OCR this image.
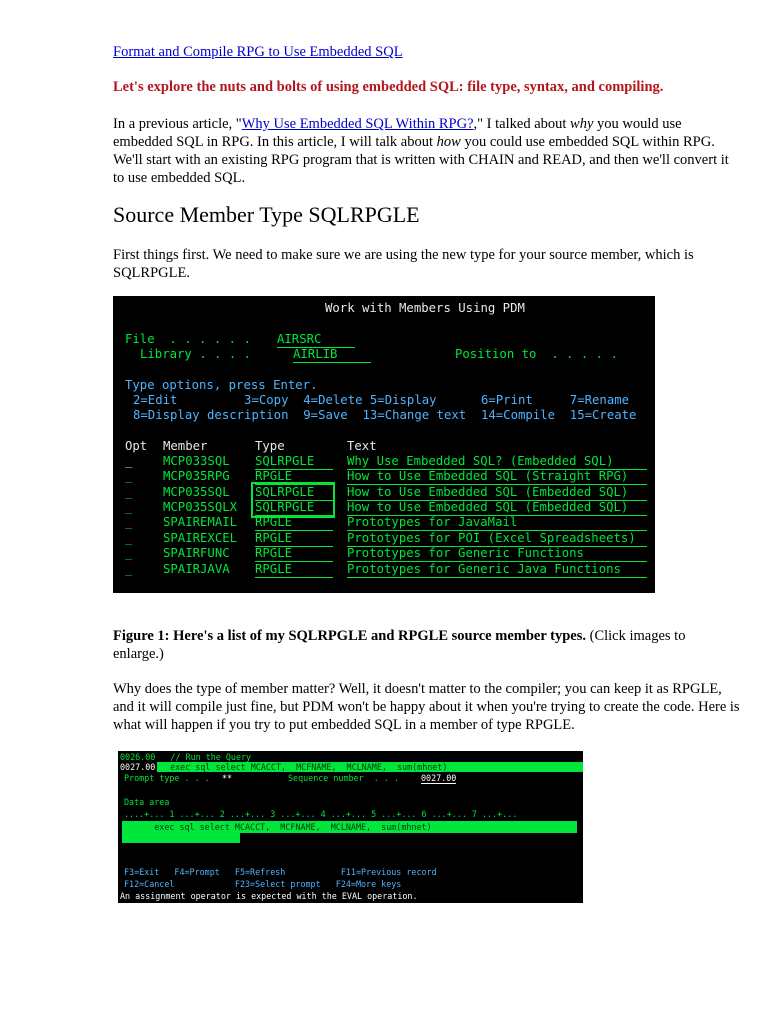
Format and Compile RPG to Use Embedded SQL
Let's explore the nuts and bolts of using embedded SQL: file type, syntax, and compiling.
In a previous article, "Why Use Embedded SQL Within RPG?," I talked about why you would use embedded SQL in RPG. In this article, I will talk about how you could use embedded SQL within RPG. We'll start with an existing RPG program that is written with CHAIN and READ, and then we'll convert it to use embedded SQL.
Source Member Type SQLRPGLE
First things first. We need to make sure we are using the new type for your source member, which is SQLRPGLE.
Work with Members Using PDM
File  . . . . . . AIRSRC
Library . . . .	AIRLIB	Position to  . . . . .
Type options, press Enter.
2=Edit         3=Copy  4=Delete 5=Display      6=Print     7=Rename
8=Display description  9=Save  13=Change text  14=Compile  15=Create
Opt Member	Type	Text
_ MCP033SQL SQLRPGLE	Why Use Embedded SQL? (Embedded SQL)
_ MCP035RPG RPGLE	How to Use Embedded SQL (Straight RPG)
_ MCP035SQL SQLRPGLE	How to Use Embedded SQL (Embedded SQL)
_ MCP035SQLX SQLRPGLE	How to Use Embedded SQL (Embedded SQL)
_ SPAIREMAIL RPGLE	Prototypes for JavaMail
_ SPAIREXCEL RPGLE	Prototypes for POI (Excel Spreadsheets)
_ SPAIRFUNC RPGLE	Prototypes for Generic Functions
_ SPAIRJAVA RPGLE	Prototypes for Generic Java Functions
Figure 1: Here's a list of my SQLRPGLE and RPGLE source member types. (Click images to enlarge.)
Why does the type of member matter? Well, it doesn't matter to the compiler; you can keep it as RPGLE, and it will compile just fine, but PDM won't be happy about it when you're trying to create the code. Here is what will happen if you try to put embedded SQL in a member of type RPGLE.
0026.00   // Run the Query
0027.00 exec sql select MCACCT,  MCFNAME,  MCLNAME,  sum(mhnet)
Prompt type . . . **	Sequence number  . . .	0027.00
Data area
....+... 1 ...+... 2 ...+... 3 ...+... 4 ...+... 5 ...+... 6 ...+... 7 ...+...
exec sql select MCACCT,  MCFNAME,  MCLNAME,  sum(mhnet)
F3=Exit   F4=Prompt   F5=Refresh           F11=Previous record
F12=Cancel            F23=Select prompt   F24=More keys
An assignment operator is expected with the EVAL operation.
